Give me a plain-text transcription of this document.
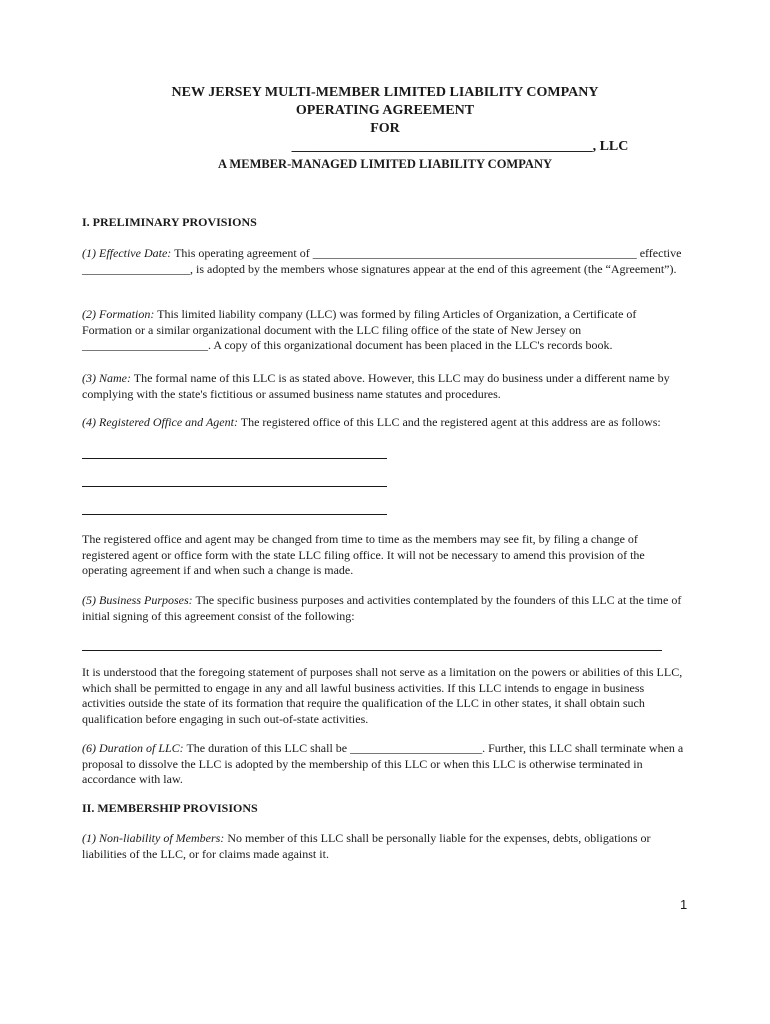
NEW JERSEY MULTI-MEMBER LIMITED LIABILITY COMPANY
OPERATING AGREEMENT
FOR
___________________________________________, LLC
A MEMBER-MANAGED LIMITED LIABILITY COMPANY
I. PRELIMINARY PROVISIONS

(1) Effective Date: This operating agreement of ______________________________________________________ effective __________________, is adopted by the members whose signatures appear at the end of this agreement (the “Agreement”).

(2) Formation: This limited liability company (LLC) was formed by filing Articles of Organization, a Certificate of Formation or a similar organizational document with the LLC filing office of the state of New Jersey on _____________________. A copy of this organizational document has been placed in the LLC's records book.

(3) Name: The formal name of this LLC is as stated above. However, this LLC may do business under a different name by complying with the state's fictitious or assumed business name statutes and procedures.

(4) Registered Office and Agent: The registered office of this LLC and the registered agent at this address are as follows:

The registered office and agent may be changed from time to time as the members may see fit, by filing a change of registered agent or office form with the state LLC filing office. It will not be necessary to amend this provision of the operating agreement if and when such a change is made.

(5) Business Purposes: The specific business purposes and activities contemplated by the founders of this LLC at the time of initial signing of this agreement consist of the following:

It is understood that the foregoing statement of purposes shall not serve as a limitation on the powers or abilities of this LLC, which shall be permitted to engage in any and all lawful business activities. If this LLC intends to engage in business activities outside the state of its formation that require the qualification of the LLC in other states, it shall obtain such qualification before engaging in such out-of-state activities.

(6) Duration of LLC: The duration of this LLC shall be ______________________. Further, this LLC shall terminate when a proposal to dissolve the LLC is adopted by the membership of this LLC or when this LLC is otherwise terminated in accordance with law.

II. MEMBERSHIP PROVISIONS

(1) Non-liability of Members: No member of this LLC shall be personally liable for the expenses, debts, obligations or liabilities of the LLC, or for claims made against it.

1
